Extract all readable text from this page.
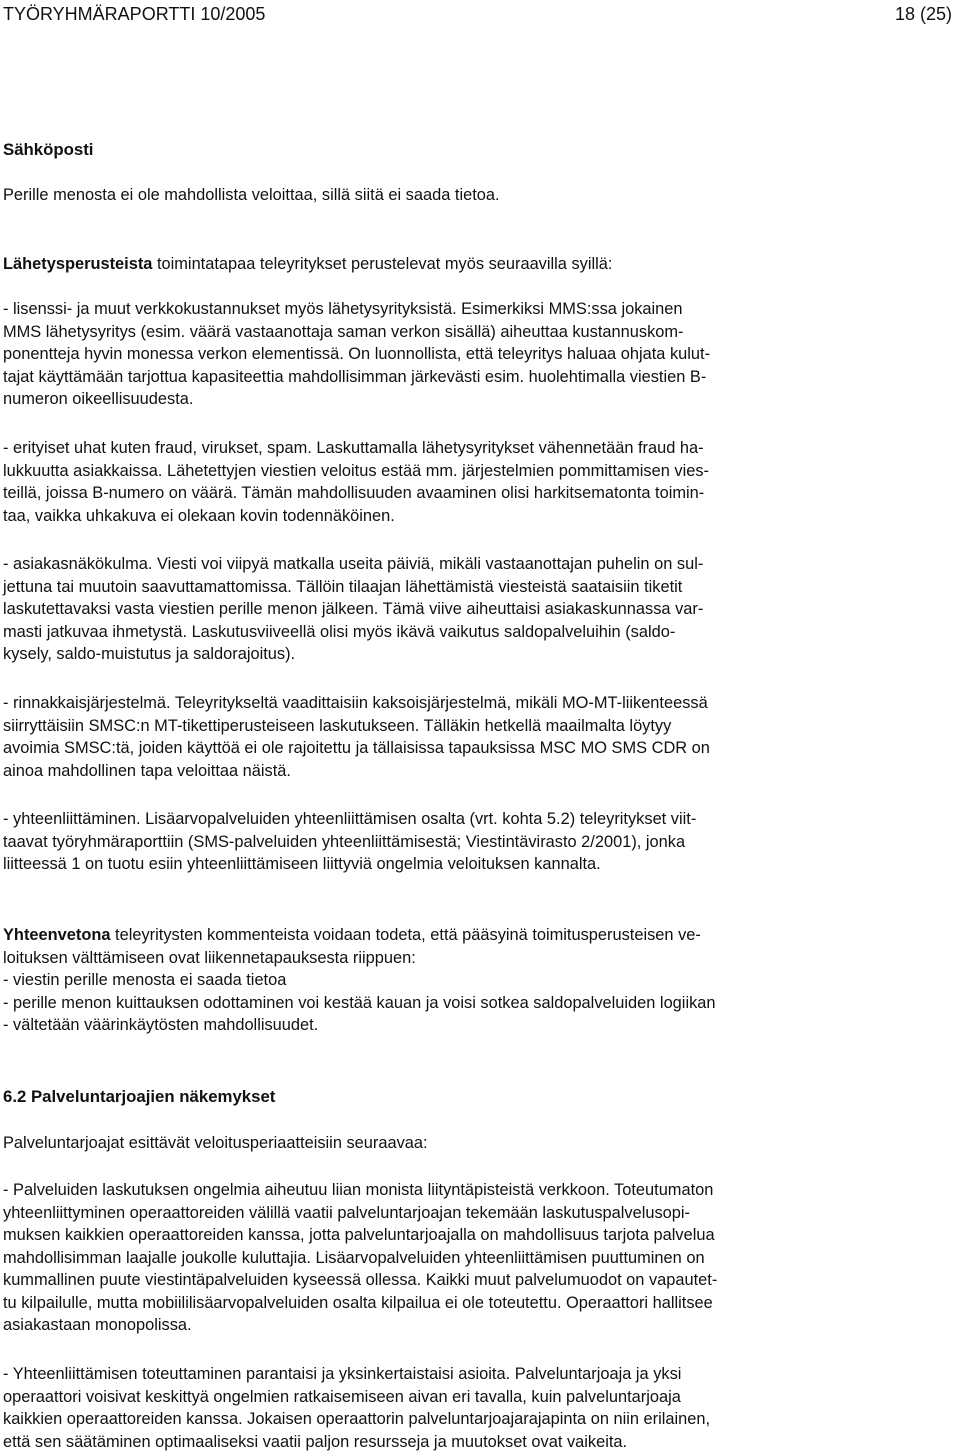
TYÖRYHMÄRAPORTTI 10/2005	18 (25)

Sähköposti

Perille menosta ei ole mahdollista veloittaa, sillä siitä ei saada tietoa.

Lähetysperusteista toimintatapaa teleyritykset perustelevat myös seuraavilla syillä:

- lisenssi- ja muut verkkokustannukset myös lähetysyrityksistä. Esimerkiksi MMS:ssa jokainen
MMS lähetysyritys (esim. väärä vastaanottaja saman verkon sisällä) aiheuttaa kustannuskom-
ponentteja hyvin monessa verkon elementissä. On luonnollista, että teleyritys haluaa ohjata kulut-
tajat käyttämään tarjottua kapasiteettia mahdollisimman järkevästi esim. huolehtimalla viestien B-
numeron oikeellisuudesta.

- erityiset uhat kuten fraud, virukset, spam. Laskuttamalla lähetysyritykset vähennetään fraud ha-
lukkuutta asiakkaissa. Lähetettyjen viestien veloitus estää mm. järjestelmien pommittamisen vies-
teillä, joissa B-numero on väärä. Tämän mahdollisuuden avaaminen olisi harkitsematonta toimin-
taa, vaikka uhkakuva ei olekaan kovin todennäköinen.

- asiakasnäkökulma. Viesti voi viipyä matkalla useita päiviä, mikäli vastaanottajan puhelin on sul-
jettuna tai muutoin saavuttamattomissa. Tällöin tilaajan lähettämistä viesteistä saataisiin tiketit
laskutettavaksi vasta viestien perille menon jälkeen. Tämä viive aiheuttaisi asiakaskunnassa var-
masti jatkuvaa ihmetystä. Laskutusviiveellä olisi myös ikävä vaikutus saldopalveluihin (saldo-
kysely, saldo-muistutus ja saldorajoitus).

- rinnakkaisjärjestelmä. Teleyritykseltä vaadittaisiin kaksoisjärjestelmä, mikäli MO-MT-liikenteessä
siirryttäisiin SMSC:n MT-tikettiperusteiseen laskutukseen. Tälläkin hetkellä maailmalta löytyy
avoimia SMSC:tä, joiden käyttöä ei ole rajoitettu ja tällaisissa tapauksissa MSC MO SMS CDR on
ainoa mahdollinen tapa veloittaa näistä.

- yhteenliittäminen. Lisäarvopalveluiden yhteenliittämisen osalta (vrt. kohta 5.2) teleyritykset viit-
taavat työryhmäraporttiin (SMS-palveluiden yhteenliittämisestä; Viestintävirasto 2/2001), jonka
liitteessä 1 on tuotu esiin yhteenliittämiseen liittyviä ongelmia veloituksen kannalta.

Yhteenvetona teleyritysten kommenteista voidaan todeta, että pääsyinä toimitusperusteisen ve-
loituksen välttämiseen ovat liikennetapauksesta riippuen:
- viestin perille menosta ei saada tietoa
- perille menon kuittauksen odottaminen voi kestää kauan ja voisi sotkea saldopalveluiden logiikan
- vältetään väärinkäytösten mahdollisuudet.

6.2 Palveluntarjoajien näkemykset

Palveluntarjoajat esittävät veloitusperiaatteisiin seuraavaa:

- Palveluiden laskutuksen ongelmia aiheutuu liian monista liityntäpisteistä verkkoon. Toteutumaton
yhteenliittyminen operaattoreiden välillä vaatii palveluntarjoajan tekemään laskutuspalvelusopi-
muksen kaikkien operaattoreiden kanssa, jotta palveluntarjoajalla on mahdollisuus tarjota palvelua
mahdollisimman laajalle joukolle kuluttajia. Lisäarvopalveluiden yhteenliittämisen puuttuminen on
kummallinen puute viestintäpalveluiden kyseessä ollessa. Kaikki muut palvelumuodot on vapautet-
tu kilpailulle, mutta mobiililisäarvopalveluiden osalta kilpailua ei ole toteutettu. Operaattori hallitsee
asiakastaan monopolissa.

- Yhteenliittämisen toteuttaminen parantaisi ja yksinkertaistaisi asioita. Palveluntarjoaja ja yksi
operaattori voisivat keskittyä ongelmien ratkaisemiseen aivan eri tavalla, kuin palveluntarjoaja
kaikkien operaattoreiden kanssa. Jokaisen operaattorin palveluntarjoajarajapinta on niin erilainen,
että sen säätäminen optimaaliseksi vaatii paljon resursseja ja muutokset ovat vaikeita.
